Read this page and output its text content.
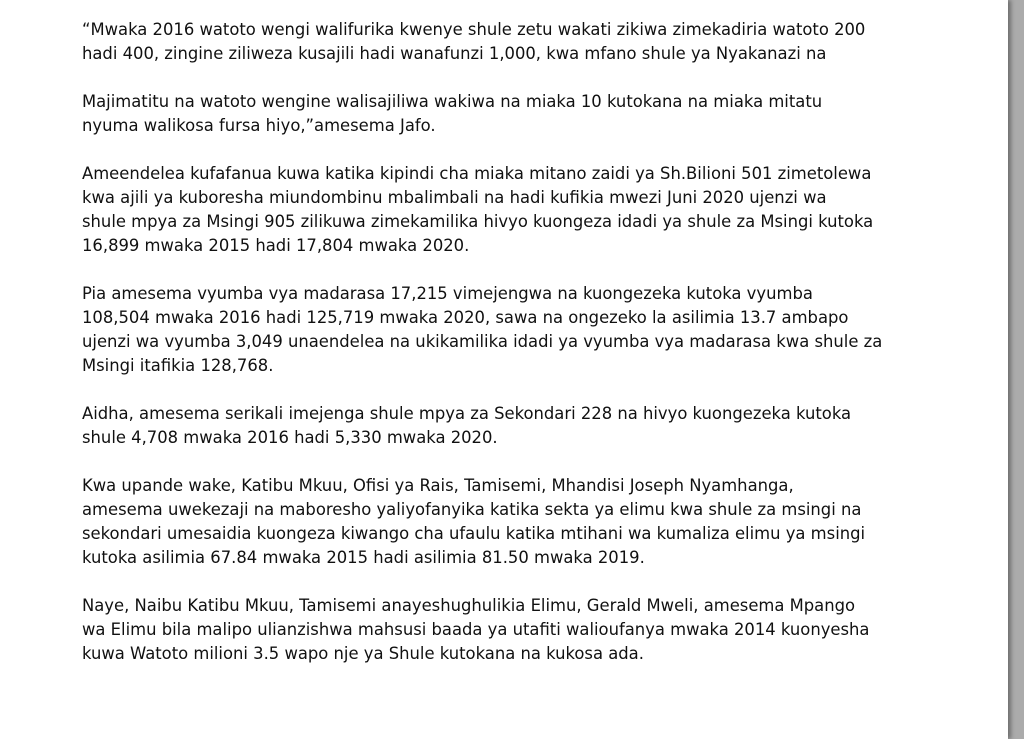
“Mwaka 2016 watoto wengi walifurika kwenye shule zetu wakati zikiwa zimekadiria watoto 200
hadi 400, zingine ziliweza kusajili hadi wanafunzi 1,000, kwa mfano shule ya Nyakanazi na

Majimatitu na watoto wengine walisajiliwa wakiwa na miaka 10 kutokana na miaka mitatu
nyuma walikosa fursa hiyo,”amesema Jafo.

Ameendelea kufafanua kuwa katika kipindi cha miaka mitano zaidi ya Sh.Bilioni 501 zimetolewa
kwa ajili ya kuboresha miundombinu mbalimbali na hadi kufikia mwezi Juni 2020 ujenzi wa
shule mpya za Msingi 905 zilikuwa zimekamilika hivyo kuongeza idadi ya shule za Msingi kutoka
16,899 mwaka 2015 hadi 17,804 mwaka 2020.

Pia amesema vyumba vya madarasa 17,215 vimejengwa na kuongezeka kutoka vyumba
108,504 mwaka 2016 hadi 125,719 mwaka 2020, sawa na ongezeko la asilimia 13.7 ambapo
ujenzi wa vyumba 3,049 unaendelea na ukikamilika idadi ya vyumba vya madarasa kwa shule za
Msingi itafikia 128,768.

Aidha, amesema serikali imejenga shule mpya za Sekondari 228 na hivyo kuongezeka kutoka
shule 4,708 mwaka 2016 hadi 5,330 mwaka 2020.

Kwa upande wake, Katibu Mkuu, Ofisi ya Rais, Tamisemi, Mhandisi Joseph Nyamhanga,
amesema uwekezaji na maboresho yaliyofanyika katika sekta ya elimu kwa shule za msingi na
sekondari umesaidia kuongeza kiwango cha ufaulu katika mtihani wa kumaliza elimu ya msingi
kutoka asilimia 67.84 mwaka 2015 hadi asilimia 81.50 mwaka 2019.

Naye, Naibu Katibu Mkuu, Tamisemi anayeshughulikia Elimu, Gerald Mweli, amesema Mpango
wa Elimu bila malipo ulianzishwa mahsusi baada ya utafiti walioufanya mwaka 2014 kuonyesha
kuwa Watoto milioni 3.5 wapo nje ya Shule kutokana na kukosa ada.
